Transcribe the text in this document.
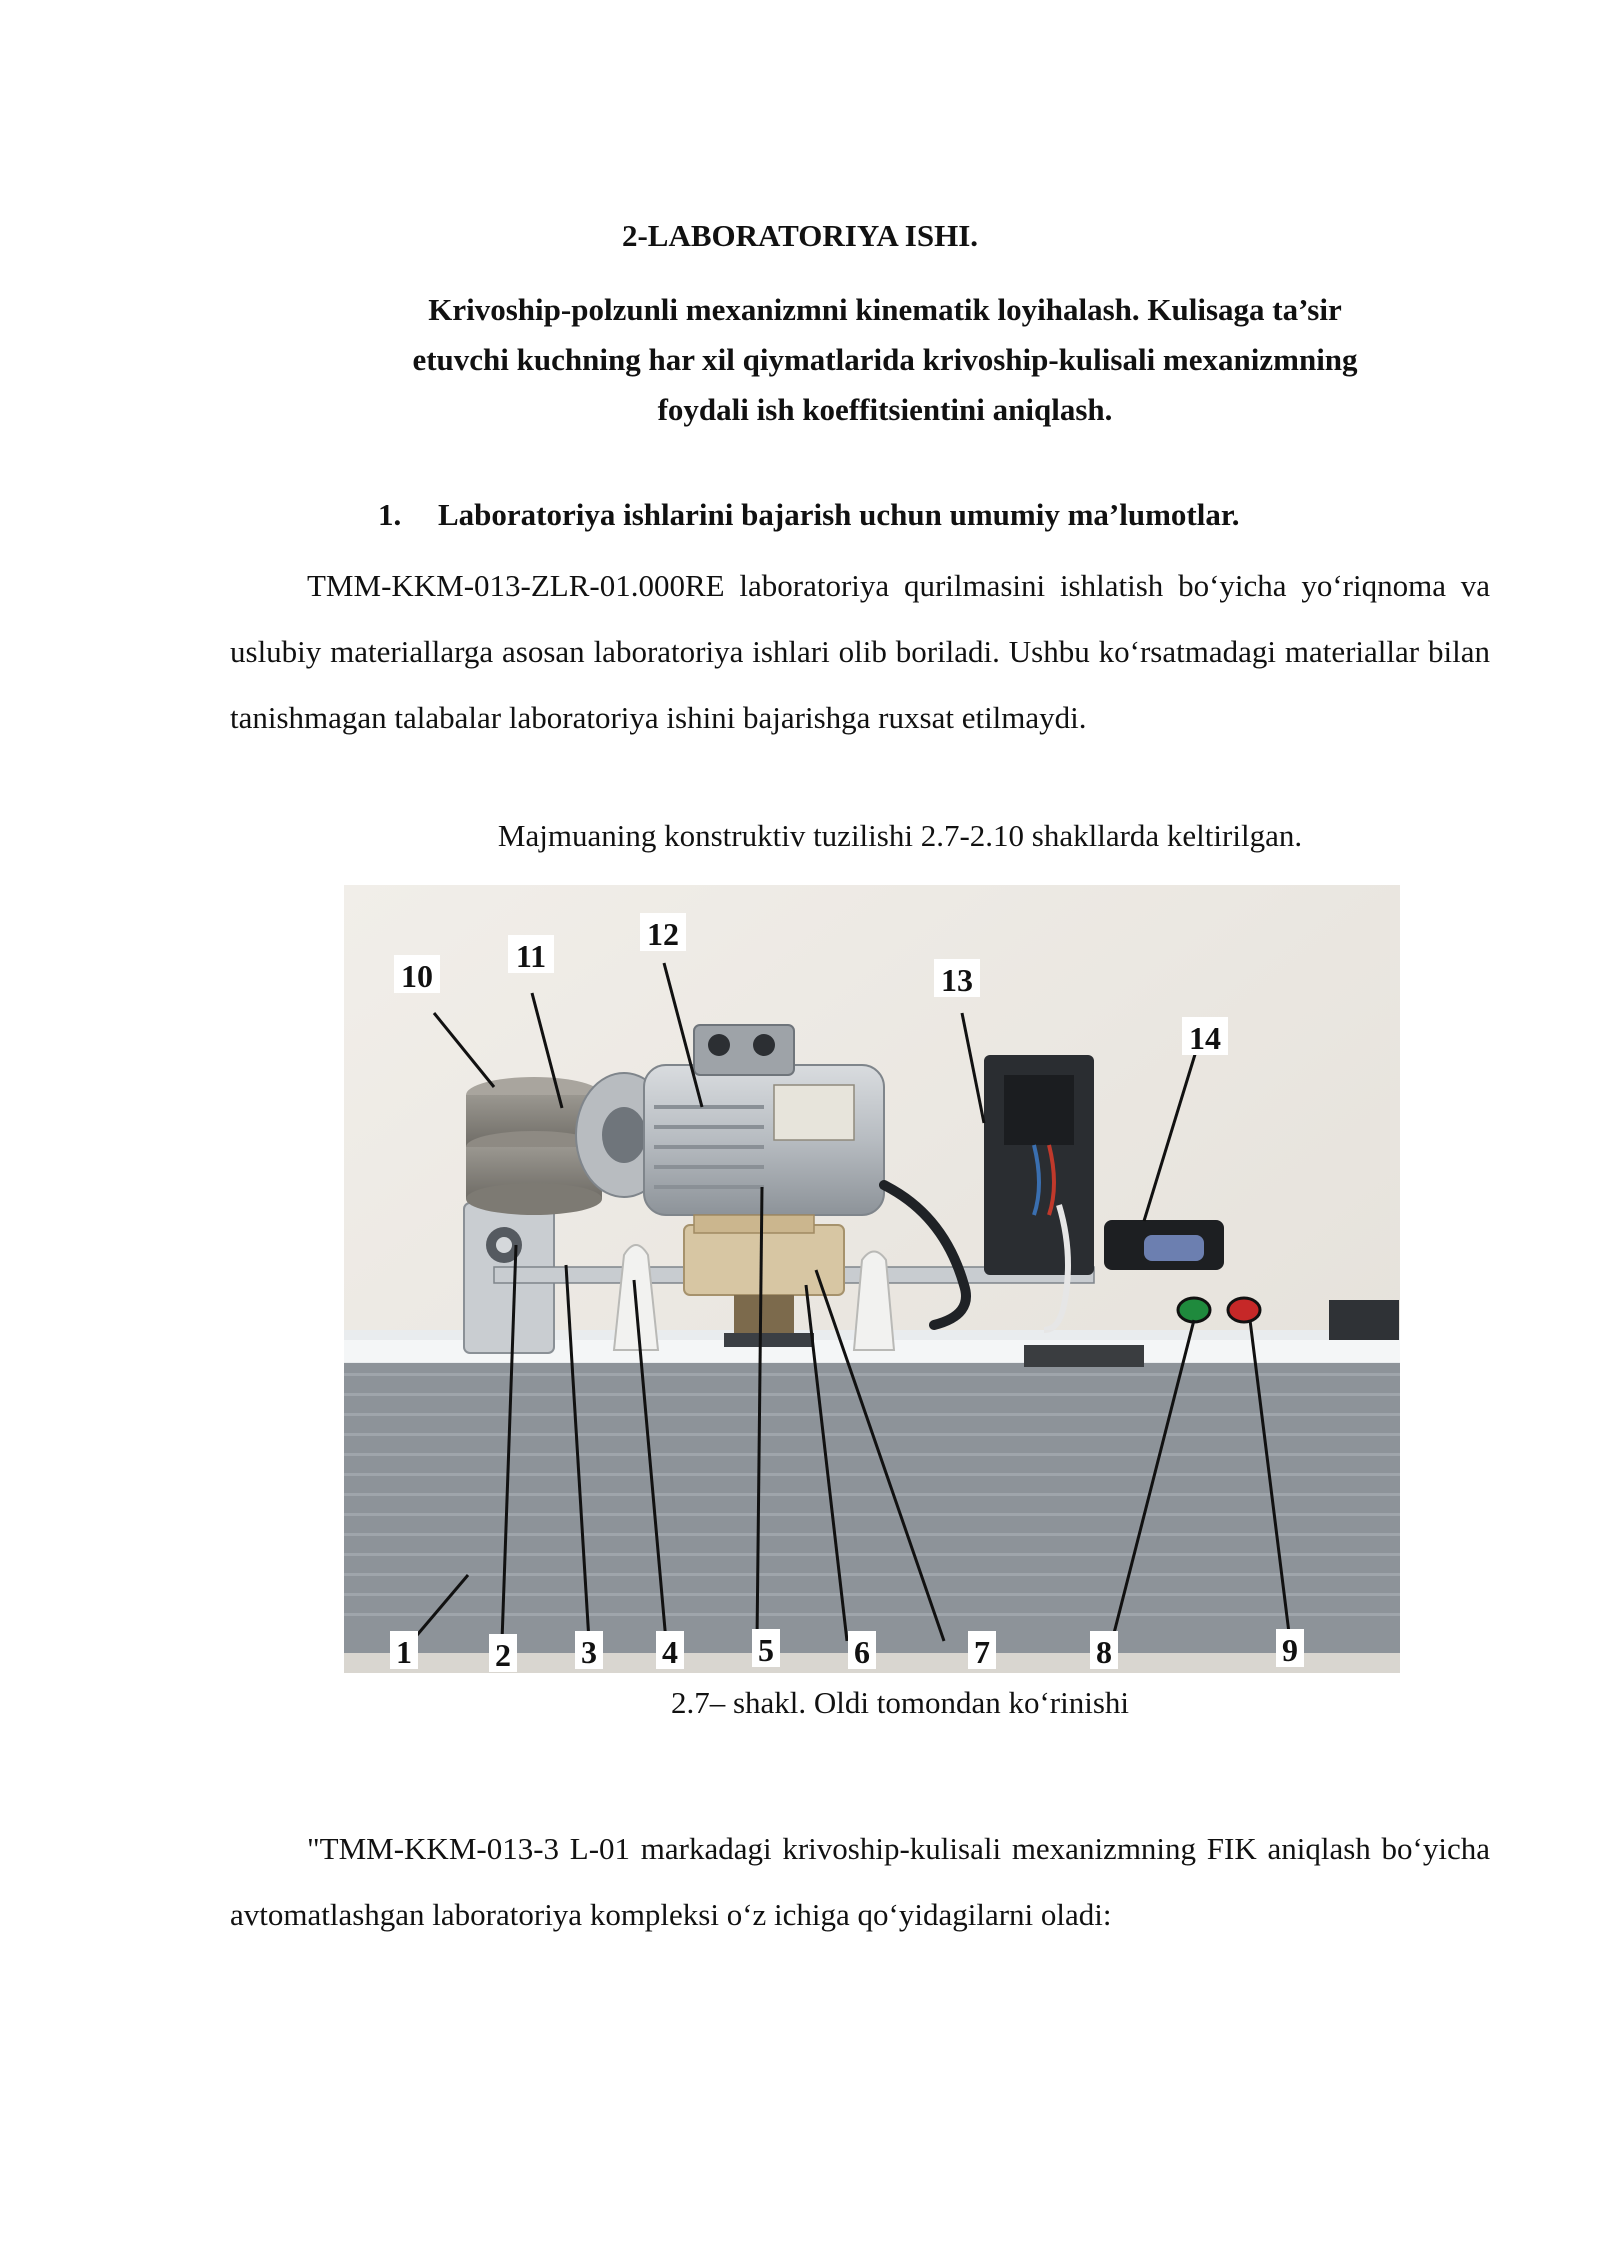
2-LABORATORIYA ISHI.
Krivoship-polzunli mexanizmni kinematik loyihalash. Kulisaga ta’sir
etuvchi kuchning har xil qiymatlarida krivoship-kulisali mexanizmning
foydali ish koeffitsientini aniqlash.
1. Laboratoriya ishlarini bajarish uchun umumiy ma’lumotlar.
TMM-KKM-013-ZLR-01.000RE laboratoriya qurilmasini ishlatish bo‘yicha yo‘riqnoma va uslubiy materiallarga asosan laboratoriya ishlari olib boriladi. Ushbu ko‘rsatmadagi materiallar bilan tanishmagan talabalar laboratoriya ishini bajarishga ruxsat etilmaydi.
Majmuaning konstruktiv tuzilishi 2.7-2.10 shakllarda keltirilgan.
1	2 3 4	5	6	7	8	9
10
11
12
13
14
2.7– shakl. Oldi tomondan ko‘rinishi
"TMM-KKM-013-3 L-01 markadagi krivoship-kulisali mexanizmning FIK aniqlash bo‘yicha avtomatlashgan laboratoriya kompleksi o‘z ichiga qo‘yidagilarni oladi:
